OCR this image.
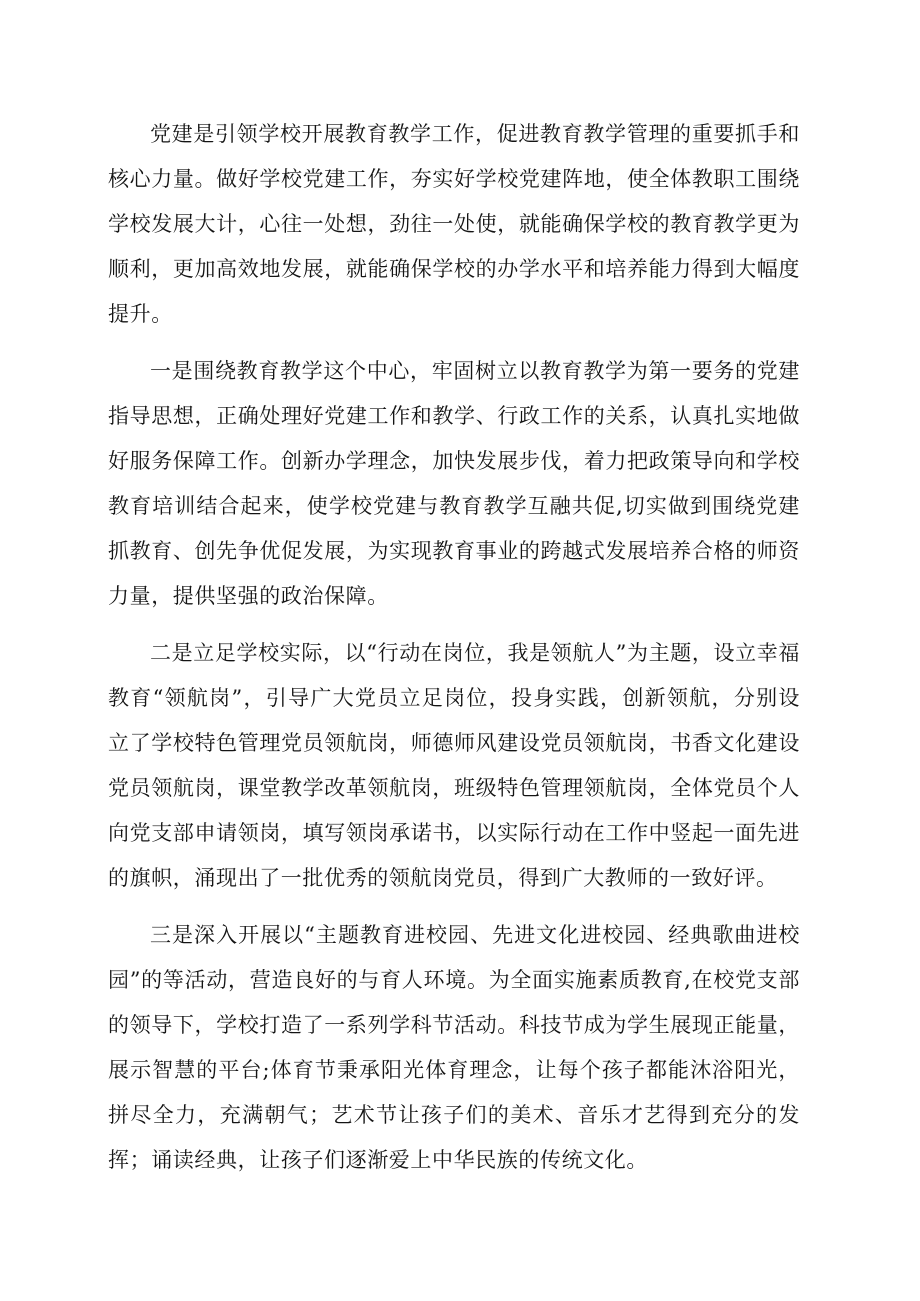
党建是引领学校开展教育教学工作，促进教育教学管理的重要抓手和核心力量。做好学校党建工作，夯实好学校党建阵地，使全体教职工围绕学校发展大计，心往一处想，劲往一处使，就能确保学校的教育教学更为顺利，更加高效地发展，就能确保学校的办学水平和培养能力得到大幅度提升。

一是围绕教育教学这个中心，牢固树立以教育教学为第一要务的党建指导思想，正确处理好党建工作和教学、行政工作的关系，认真扎实地做好服务保障工作。创新办学理念，加快发展步伐，着力把政策导向和学校教育培训结合起来，使学校党建与教育教学互融共促,切实做到围绕党建抓教育、创先争优促发展，为实现教育事业的跨越式发展培养合格的师资力量，提供坚强的政治保障。

二是立足学校实际，以“行动在岗位，我是领航人”为主题，设立幸福教育“领航岗”，引导广大党员立足岗位，投身实践，创新领航，分别设立了学校特色管理党员领航岗，师德师风建设党员领航岗，书香文化建设党员领航岗，课堂教学改革领航岗，班级特色管理领航岗，全体党员个人向党支部申请领岗，填写领岗承诺书，以实际行动在工作中竖起一面先进的旗帜，涌现出了一批优秀的领航岗党员，得到广大教师的一致好评。

三是深入开展以“主题教育进校园、先进文化进校园、经典歌曲进校园”的等活动，营造良好的与育人环境。为全面实施素质教育,在校党支部的领导下，学校打造了一系列学科节活动。科技节成为学生展现正能量，展示智慧的平台;体育节秉承阳光体育理念，让每个孩子都能沐浴阳光，拼尽全力，充满朝气；艺术节让孩子们的美术、音乐才艺得到充分的发挥；诵读经典，让孩子们逐渐爱上中华民族的传统文化。
